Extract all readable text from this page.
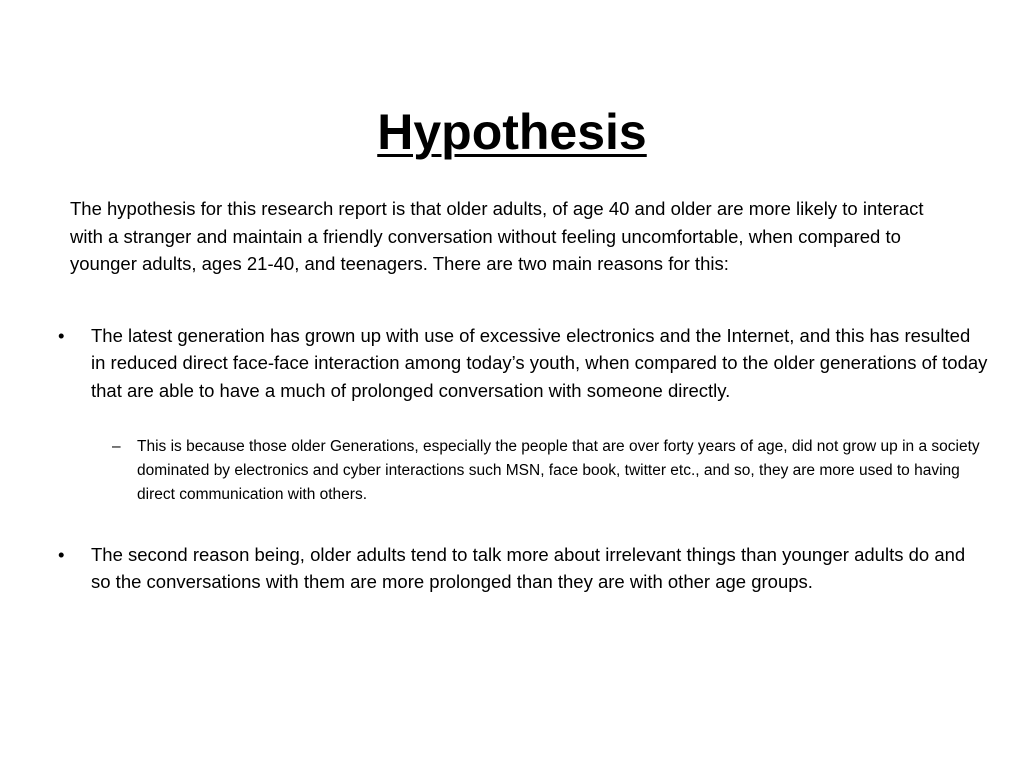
Hypothesis

The hypothesis for this research report is that older adults, of age 40 and older are more likely to interact with a stranger and maintain a friendly conversation without feeling uncomfortable, when compared to younger adults, ages 21-40, and teenagers. There are two main reasons for this:

•	The latest generation has grown up with use of excessive electronics and the Internet, and this has resulted in reduced direct face-face interaction among today’s youth, when compared to the older generations of today that are able to have a much of prolonged conversation with someone directly.
–	This is because those older Generations, especially the people that are over forty years of age, did not grow up in a society dominated by electronics and cyber interactions such MSN, face book, twitter etc., and so, they are more used to having direct communication with others.
•	The second reason being, older adults tend to talk more about irrelevant things than younger adults do and so the conversations with them are more prolonged than they are with other age groups.
